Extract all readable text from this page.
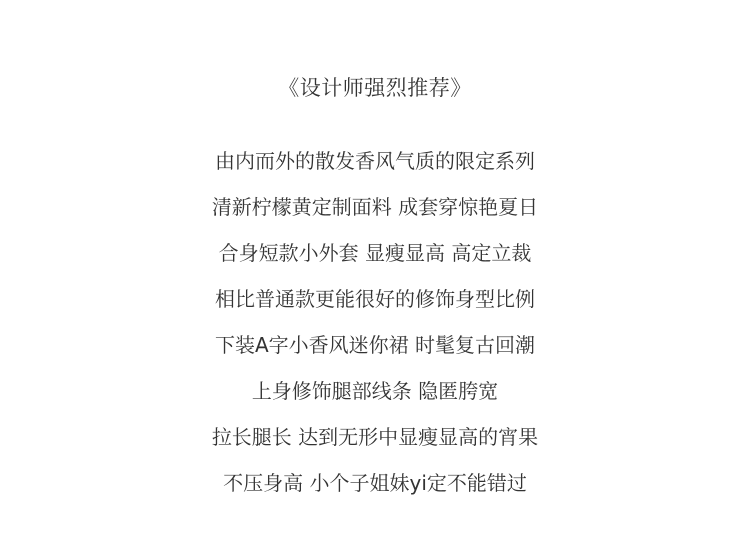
《设计师强烈推荐》
由内而外的散发香风气质的限定系列
清新柠檬黄定制面料 成套穿惊艳夏日
合身短款小外套 显瘦显高 高定立裁
相比普通款更能很好的修饰身型比例
下装A字小香风迷你裙 时髦复古回潮
上身修饰腿部线条 隐匿胯宽
拉长腿长 达到无形中显瘦显高的宵果
不压身高 小个子姐妹yi定不能错过
